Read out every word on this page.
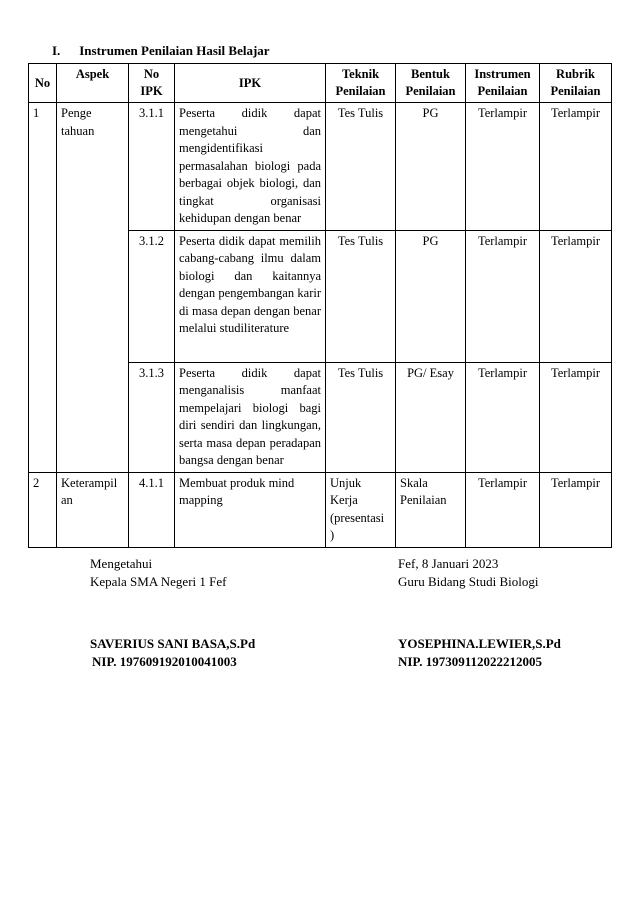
I. Instrumen Penilaian Hasil Belajar
No	Aspek	No IPK	IPK	Teknik Penilaian	Bentuk Penilaian	Instrumen Penilaian	Rubrik Penilaian
1	Penge tahuan	3.1.1	Peserta didik dapat mengetahui dan mengidentifikasi permasalahan biologi pada berbagai objek biologi, dan tingkat organisasi kehidupan dengan benar	Tes Tulis	PG	Terlampir	Terlampir
		3.1.2	Peserta didik dapat memilih cabang-cabang ilmu dalam biologi dan kaitannya dengan pengembangan karir di masa depan dengan benar melalui studiliterature	Tes Tulis	PG	Terlampir	Terlampir
		3.1.3	Peserta didik dapat menganalisis manfaat mempelajari biologi bagi diri sendiri dan lingkungan, serta masa depan peradapan bangsa dengan benar	Tes Tulis	PG/ Esay	Terlampir	Terlampir
2	Keterampil an	4.1.1	Membuat produk mind mapping	Unjuk Kerja (presentasi )	Skala Penilaian	Terlampir	Terlampir
Mengetahui
Kepala SMA Negeri 1 Fef
SAVERIUS SANI BASA,S.Pd
NIP. 197609192010041003
Fef, 8 Januari 2023
Guru Bidang Studi Biologi
YOSEPHINA.LEWIER,S.Pd
NIP. 197309112022212005
